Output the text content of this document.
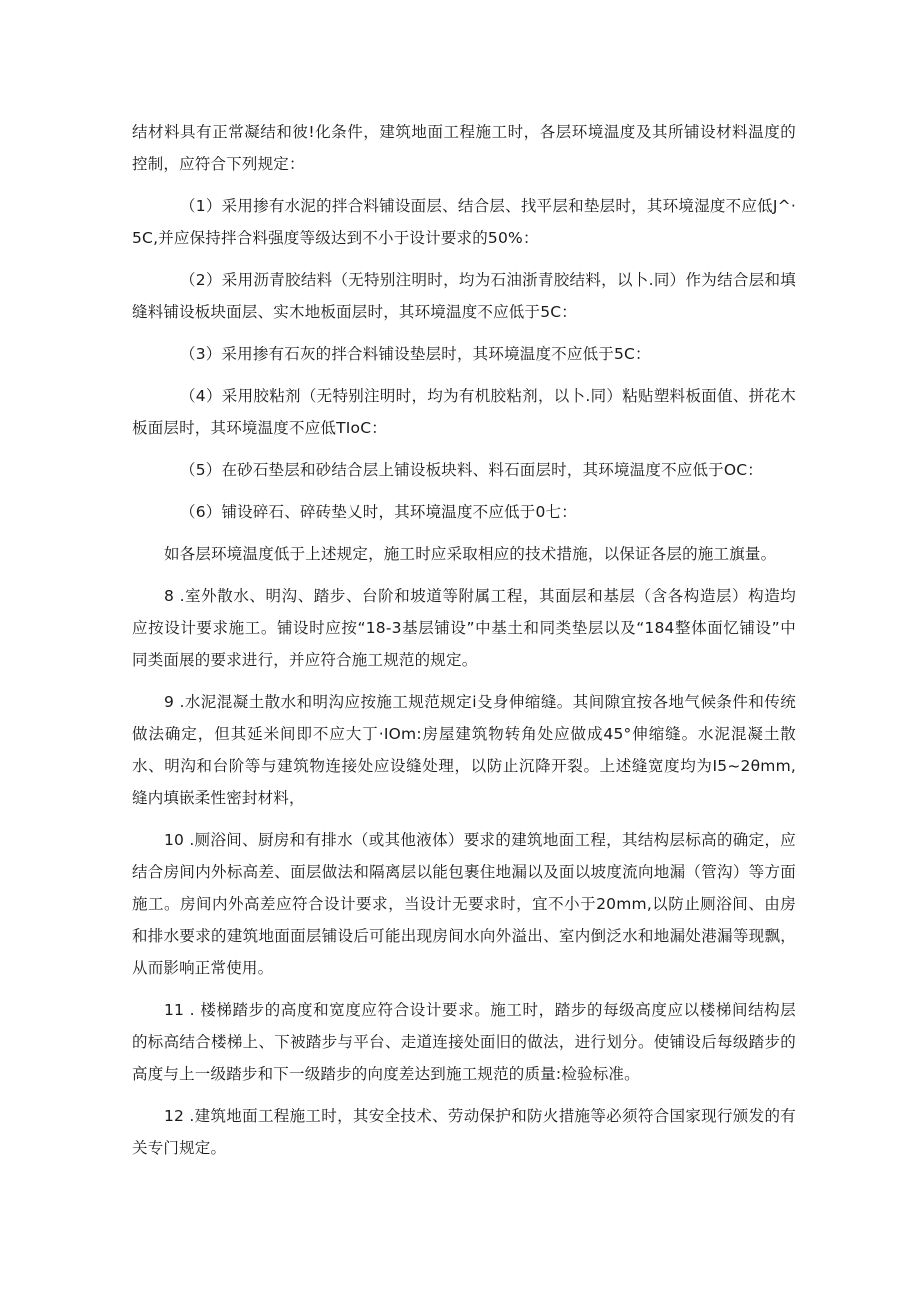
结材料具有正常凝结和彼!化条件，建筑地面工程施工时，各层环境温度及其所铺设材料温度的控制，应符合下列规定：

（1）采用掺有水泥的拌合料铺设面层、结合层、找平层和垫层时，其环境湿度不应低J^·5C,并应保持拌合料强度等级达到不小于设计要求的50%：

（2）采用沥青胶结料（无特别注明时，均为石油浙青胶结料，以卜.同）作为结合层和填缝料铺设板块面层、实木地板面层时，其环境温度不应低于5C：

（3）采用掺有石灰的拌合料铺设垫层时，其环境温度不应低于5C：

（4）采用胶粘剂（无特别注明时，均为有机胶粘剂，以卜.同）粘贴塑料板面值、拼花木板面层时，其环境温度不应低TIoC：

（5）在砂石垫层和砂结合层上铺设板块料、料石面层时，其环境温度不应低于OC：

（6）铺设碎石、碎砖垫乂时，其环境温度不应低于0七：

如各层环境温度低于上述规定，施工时应采取相应的技术措施，以保证各层的施工旗量。

8 .室外散水、明沟、踏步、台阶和坡道等附属工程，其面层和基层（含各构造层）构造均应按设计要求施工。铺设时应按“18-3基层铺设”中基土和同类垫层以及“184整体面忆铺设”中同类面展的要求进行，并应符合施工规范的规定。

9 .水泥混凝土散水和明沟应按施工规范规定i殳身伸缩缝。其间隙宜按各地气候条件和传统做法确定，但其延米间即不应大丁·IOm:房屋建筑物转角处应做成45°伸缩缝。水泥混凝土散水、明沟和台阶等与建筑物连接处应设缝处理，以防止沉降开裂。上述缝宽度均为I5~2θmm,缝内填嵌柔性密封材料，

10 .厕浴间、厨房和有排水（或其他液体）要求的建筑地面工程，其结构层标高的确定，应结合房间内外标高差、面层做法和隔离层以能包裹住地漏以及面以坡度流向地漏（管沟）等方面施工。房间内外高差应符合设计要求，当设计无要求时，宜不小于20mm,以防止厕浴间、由房和排水要求的建筑地面面层铺设后可能出现房间水向外溢出、室内倒泛水和地漏处港漏等现飘，从而影响正常使用。

11 . 楼梯踏步的高度和宽度应符合设计要求。施工时，踏步的每级高度应以楼梯间结构层的标高结合楼梯上、下被踏步与平台、走道连接处面旧的做法，进行划分。使铺设后每级踏步的高度与上一级踏步和下一级踏步的向度差达到施工规范的质量:检验标准。

12 .建筑地面工程施工时，其安全技术、劳动保护和防火措施等必须符合国家现行颁发的有关专门规定。
